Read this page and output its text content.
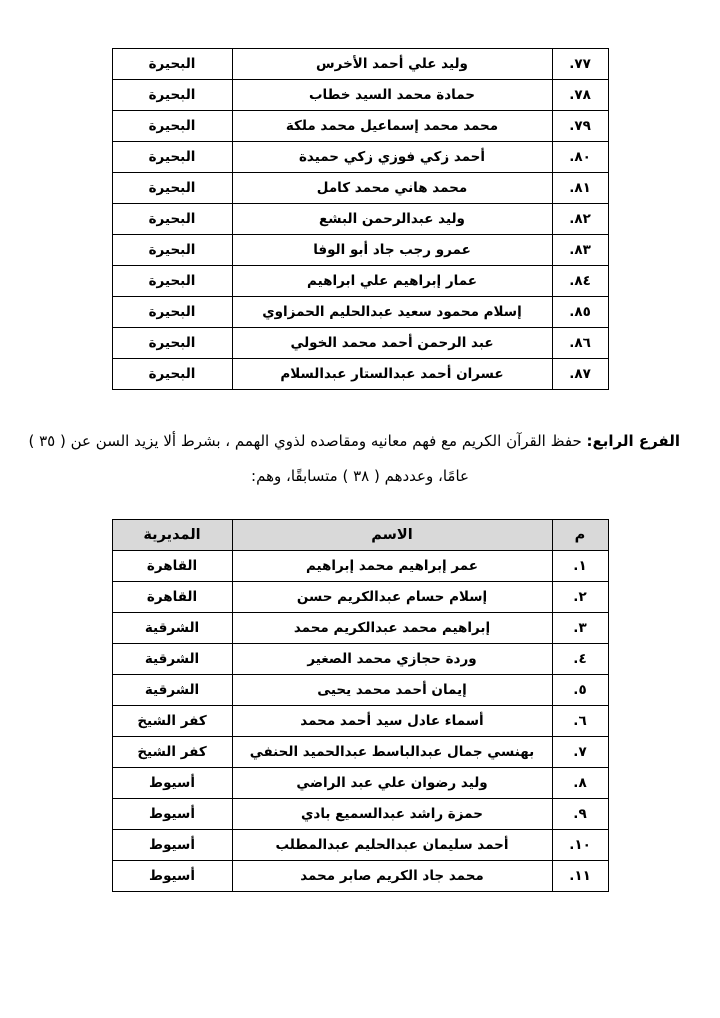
٧٧.	وليد علي أحمد الأخرس	البحيرة
٧٨.	حمادة محمد السيد خطاب	البحيرة
٧٩.	محمد محمد إسماعيل محمد ملكة	البحيرة
٨٠.	أحمد زكي فوزي زكي حميدة	البحيرة
٨١.	محمد هاني محمد كامل	البحيرة
٨٢.	وليد عبدالرحمن البشع	البحيرة
٨٣.	عمرو رجب جاد أبو الوفا	البحيرة
٨٤.	عمار إبراهيم علي ابراهيم	البحيرة
٨٥.	إسلام محمود سعيد عبدالحليم الحمزاوي	البحيرة
٨٦.	عبد الرحمن أحمد محمد الخولي	البحيرة
٨٧.	عسران أحمد عبدالستار عبدالسلام	البحيرة
الفرع الرابع: حفظ القرآن الكريم مع فهم معانيه ومقاصده لذوي الهمم ، بشرط ألا يزيد السن عن ( ٣٥ )
عامًا، وعددهم ( ٣٨ ) متسابقًا، وهم:
م	الاسم	المديرية
١.	عمر إبراهيم محمد إبراهيم	القاهرة
٢.	إسلام حسام عبدالكريم حسن	القاهرة
٣.	إبراهيم محمد عبدالكريم محمد	الشرقية
٤.	وردة حجازي محمد الصغير	الشرقية
٥.	إيمان أحمد محمد يحيى	الشرقية
٦.	أسماء عادل سيد أحمد محمد	كفر الشيخ
٧.	بهنسي جمال عبدالباسط عبدالحميد الحنفي	كفر الشيخ
٨.	وليد رضوان علي عبد الراضي	أسيوط
٩.	حمزة راشد عبدالسميع بادي	أسيوط
١٠.	أحمد سليمان عبدالحليم عبدالمطلب	أسيوط
١١.	محمد جاد الكريم صابر محمد	أسيوط
